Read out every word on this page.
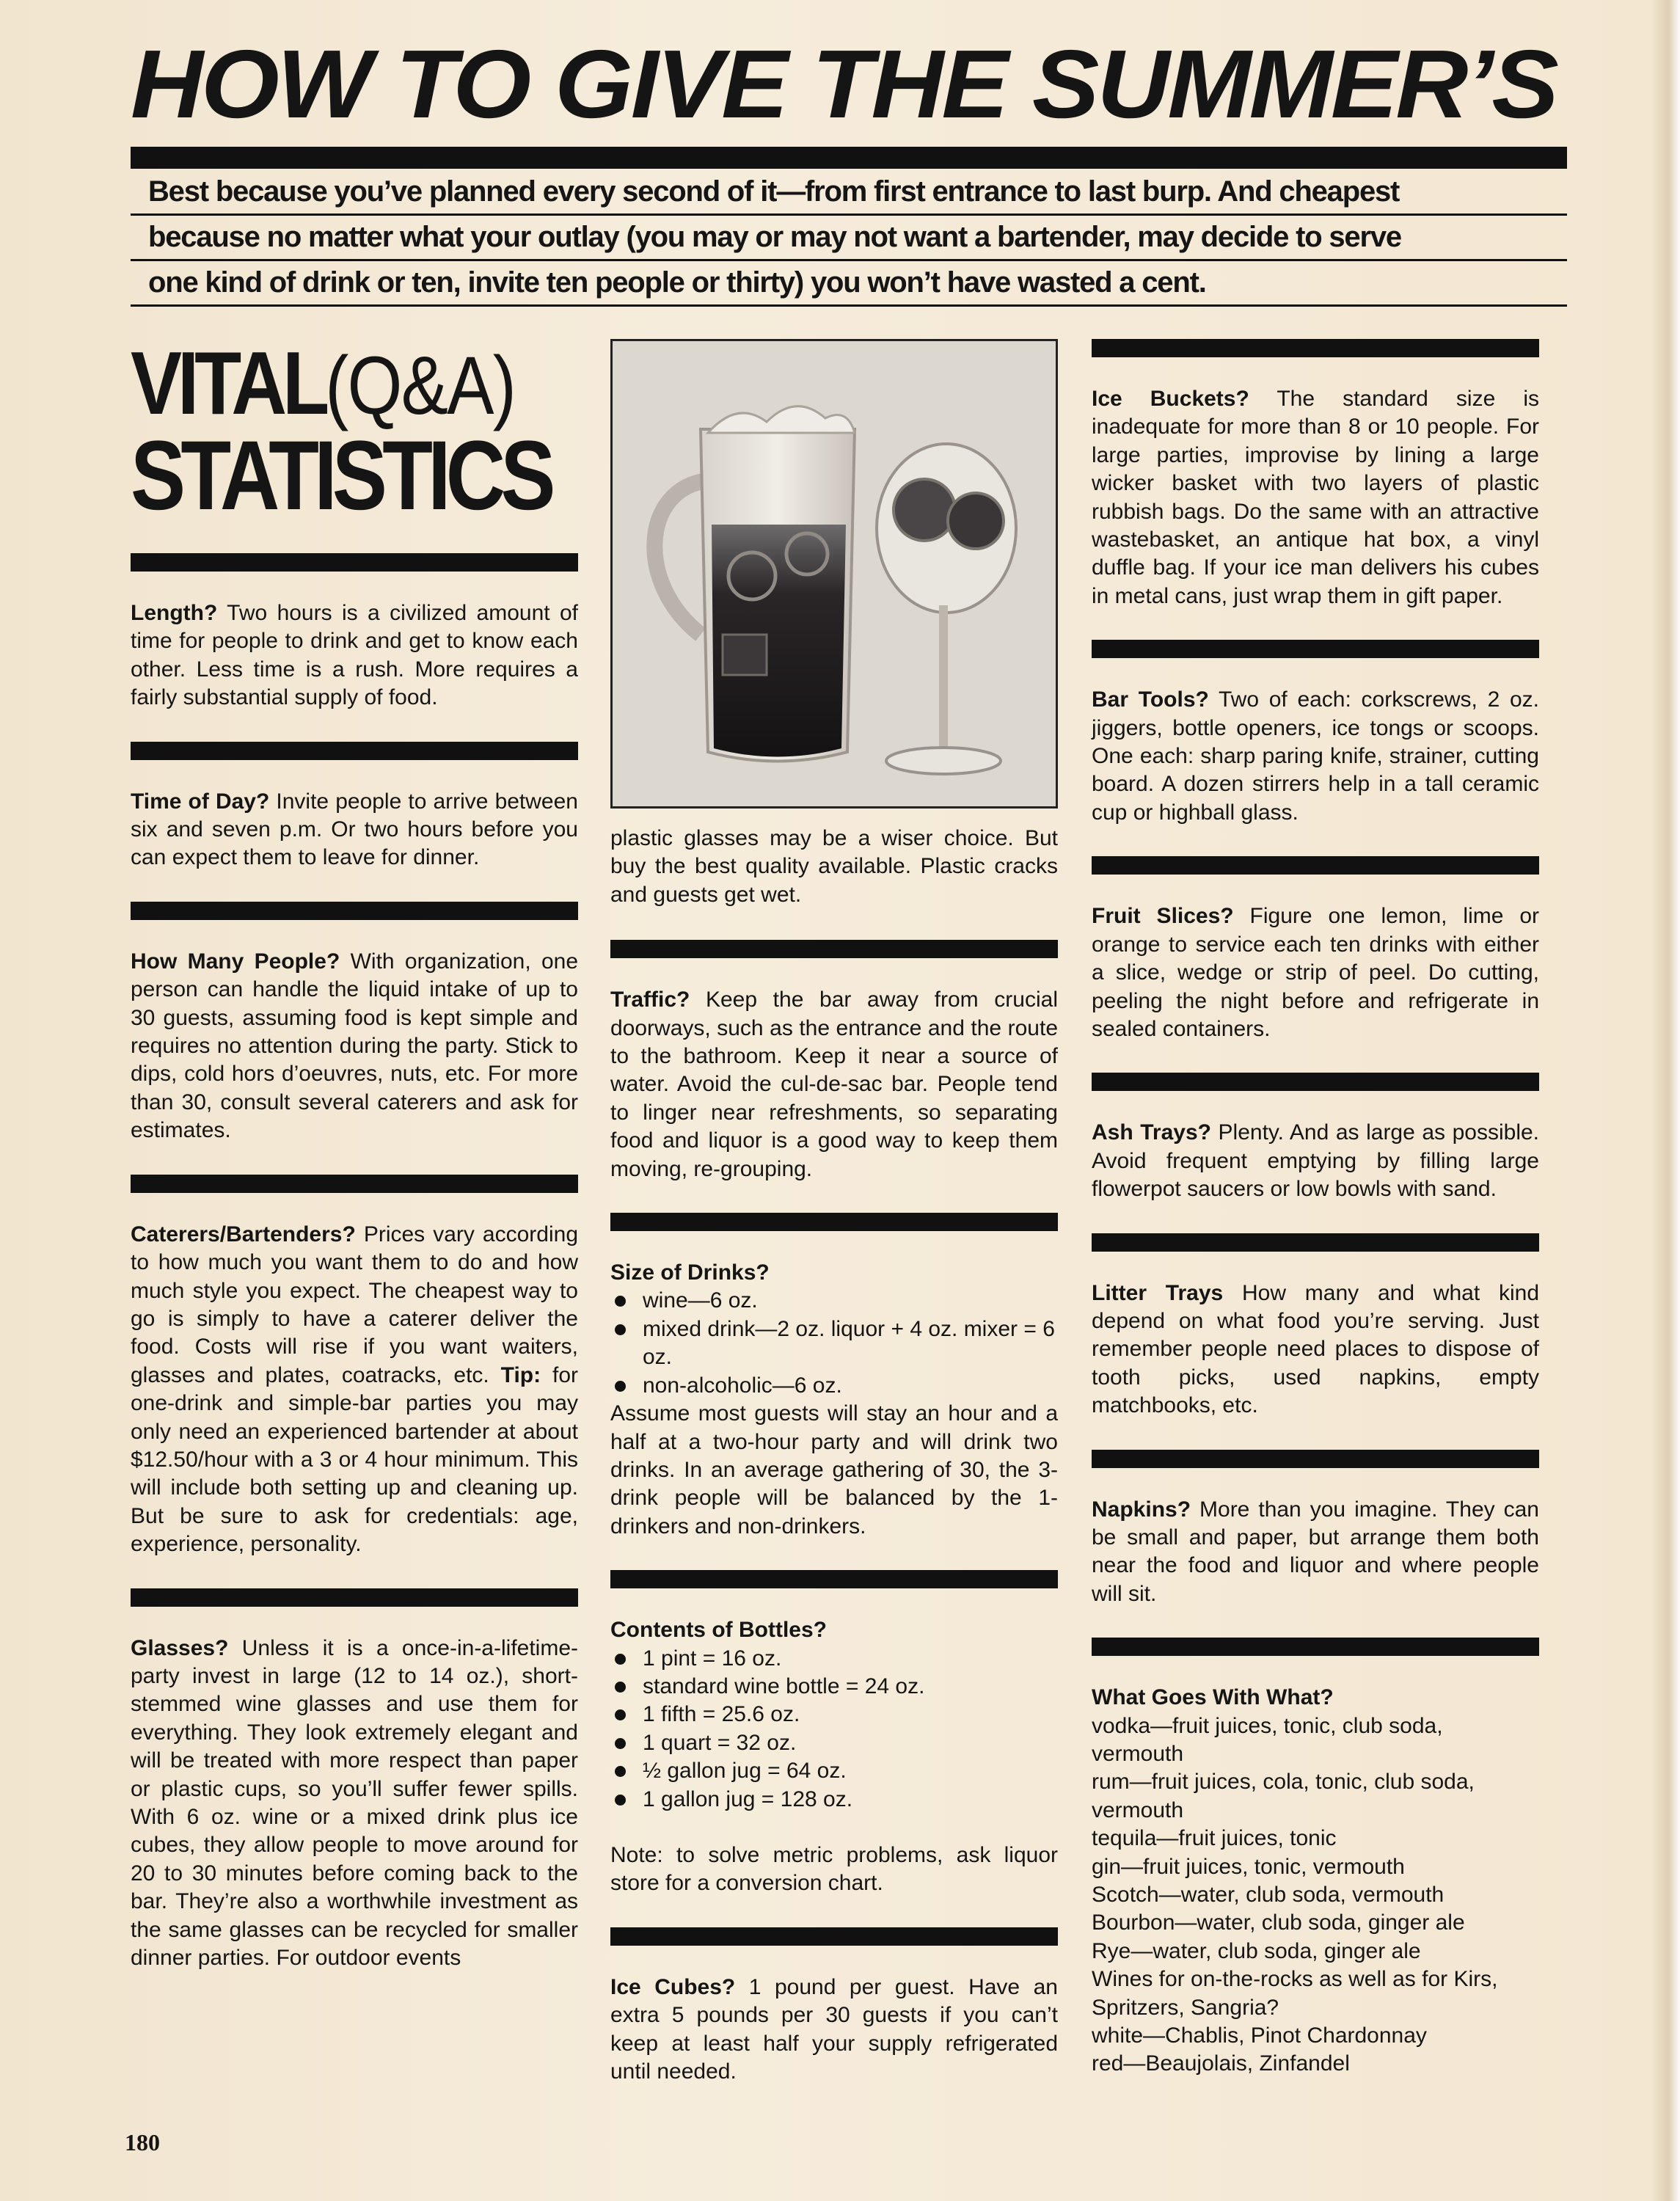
HOW TO GIVE THE SUMMER’S
Best because you’ve planned every second of it—from first entrance to last burp. And cheapest
because no matter what your outlay (you may or may not want a bartender, may decide to serve
one kind of drink or ten, invite ten people or thirty) you won’t have wasted a cent.
VITAL(Q&A)
STATISTICS

Length? Two hours is a civilized amount of time for people to drink and get to know each other. Less time is a rush. More requires a fairly substantial supply of food.

Time of Day? Invite people to arrive between six and seven p.m. Or two hours before you can expect them to leave for dinner.

How Many People? With organization, one person can handle the liquid intake of up to 30 guests, assuming food is kept simple and requires no attention during the party. Stick to dips, cold hors d’oeuvres, nuts, etc. For more than 30, consult several caterers and ask for estimates.

Caterers/Bartenders? Prices vary according to how much you want them to do and how much style you expect. The cheapest way to go is simply to have a caterer deliver the food. Costs will rise if you want waiters, glasses and plates, coatracks, etc. Tip: for one-drink and simple-bar parties you may only need an experienced bartender at about $12.50/hour with a 3 or 4 hour minimum. This will include both setting up and cleaning up. But be sure to ask for credentials: age, experience, personality.

Glasses? Unless it is a once-in-a-lifetime-party invest in large (12 to 14 oz.), short-stemmed wine glasses and use them for everything. They look extremely elegant and will be treated with more respect than paper or plastic cups, so you’ll suffer fewer spills. With 6 oz. wine or a mixed drink plus ice cubes, they allow people to move around for 20 to 30 minutes before coming back to the bar. They’re also a worthwhile investment as the same glasses can be recycled for smaller dinner parties. For outdoor events

plastic glasses may be a wiser choice. But buy the best quality available. Plastic cracks and guests get wet.

Traffic? Keep the bar away from crucial doorways, such as the entrance and the route to the bathroom. Keep it near a source of water. Avoid the cul-de-sac bar. People tend to linger near refreshments, so separating food and liquor is a good way to keep them moving, re-grouping.

Size of Drinks?
wine—6 oz.
mixed drink—2 oz. liquor + 4 oz. mixer = 6 oz.
non-alcoholic—6 oz.

Assume most guests will stay an hour and a half at a two-hour party and will drink two drinks. In an average gathering of 30, the 3-drink people will be balanced by the 1-drinkers and non-drinkers.

Contents of Bottles?
1 pint = 16 oz.
standard wine bottle = 24 oz.
1 fifth = 25.6 oz.
1 quart = 32 oz.
½ gallon jug = 64 oz.
1 gallon jug = 128 oz.

Note: to solve metric problems, ask liquor store for a conversion chart.

Ice Cubes? 1 pound per guest. Have an extra 5 pounds per 30 guests if you can’t keep at least half your supply refrigerated until needed.

Ice Buckets? The standard size is inadequate for more than 8 or 10 people. For large parties, improvise by lining a large wicker basket with two layers of plastic rubbish bags. Do the same with an attractive wastebasket, an antique hat box, a vinyl duffle bag. If your ice man delivers his cubes in metal cans, just wrap them in gift paper.

Bar Tools? Two of each: corkscrews, 2 oz. jiggers, bottle openers, ice tongs or scoops. One each: sharp paring knife, strainer, cutting board. A dozen stirrers help in a tall ceramic cup or highball glass.

Fruit Slices? Figure one lemon, lime or orange to service each ten drinks with either a slice, wedge or strip of peel. Do cutting, peeling the night before and refrigerate in sealed containers.

Ash Trays? Plenty. And as large as possible. Avoid frequent emptying by filling large flowerpot saucers or low bowls with sand.

Litter Trays How many and what kind depend on what food you’re serving. Just remember people need places to dispose of tooth picks, used napkins, empty matchbooks, etc.

Napkins? More than you imagine. They can be small and paper, but arrange them both near the food and liquor and where people will sit.

What Goes With What?
vodka—fruit juices, tonic, club soda, vermouth
rum—fruit juices, cola, tonic, club soda, vermouth
tequila—fruit juices, tonic
gin—fruit juices, tonic, vermouth
Scotch—water, club soda, vermouth
Bourbon—water, club soda, ginger ale
Rye—water, club soda, ginger ale
Wines for on-the-rocks as well as for Kirs, Spritzers, Sangria?
white—Chablis, Pinot Chardonnay
red—Beaujolais, Zinfandel
180
